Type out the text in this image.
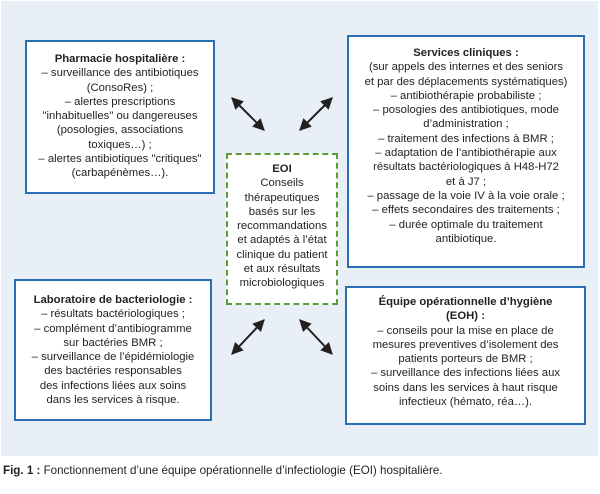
Pharmacie hospitalière :
– surveillance des antibiotiques
(ConsoRes) ;
– alertes prescriptions
"inhabituelles" ou dangereuses
(posologies, associations
toxiques…) ;
– alertes antibiotiques "critiques"
(carbapénèmes…).
Services cliniques :
(sur appels des internes et des seniors
et par des déplacements systématiques)
– antibiothérapie probabiliste ;
– posologies des antibiotiques, mode
d’administration ;
– traitement des infections à BMR ;
– adaptation de l’antibiothérapie aux
résultats bactériologiques à H48-H72
et à J7 ;
– passage de la voie IV à la voie orale ;
– effets secondaires des traitements ;
– durée optimale du traitement
antibiotique.
EOI
Conseils
thérapeutiques
basés sur les
recommandations
et adaptés à l’état
clinique du patient
et aux résultats
microbiologiques
Laboratoire de bacteriologie :
– résultats bactériologiques ;
– complément d’antibiogramme
sur bactéries BMR ;
– surveillance de l’épidémiologie
des bactéries responsables
des infections liées aux soins
dans les services à risque.
Équipe opérationnelle d’hygiène
(EOH) :
– conseils pour la mise en place de
mesures preventives d’isolement des
patients porteurs de BMR ;
– surveillance des infections liées aux
soins dans les services à haut risque
infectieux (hémato, réa…).
Fig. 1 : Fonctionnement d’une équipe opérationnelle d’infectiologie (EOI) hospitalière.
